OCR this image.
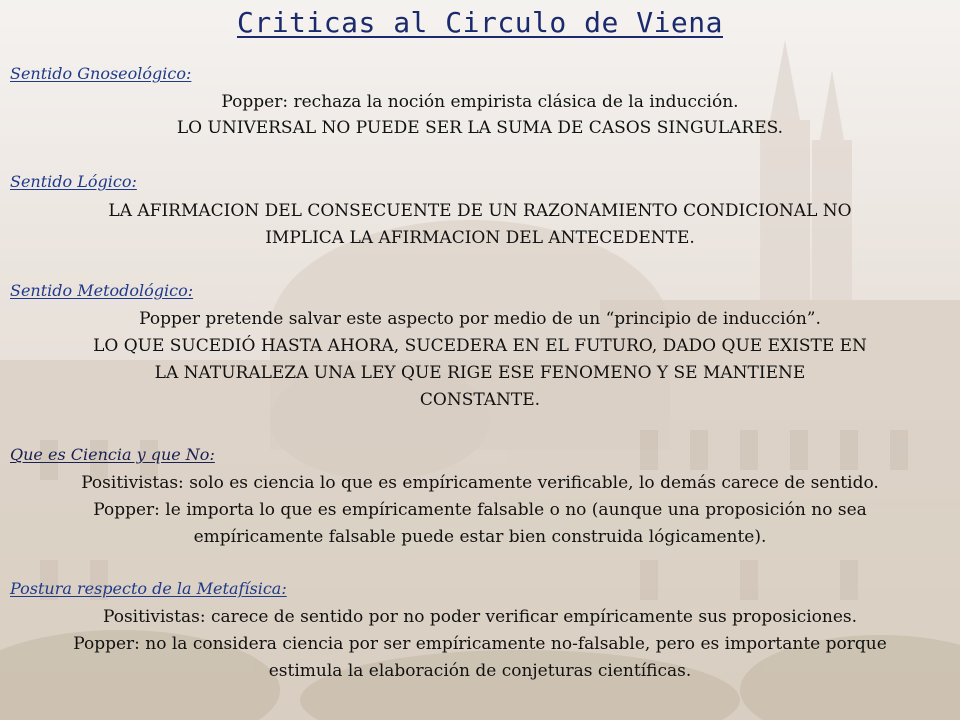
Criticas al Circulo de Viena
Sentido Gnoseológico:
Popper: rechaza la noción empirista clásica de la inducción.
LO UNIVERSAL NO PUEDE SER LA SUMA DE CASOS SINGULARES.
Sentido Lógico:
LA AFIRMACION DEL CONSECUENTE DE UN RAZONAMIENTO CONDICIONAL NO
IMPLICA LA AFIRMACION DEL ANTECEDENTE.
Sentido Metodológico:
Popper pretende salvar este aspecto por medio de un “principio de inducción”.
LO QUE SUCEDIÓ HASTA AHORA, SUCEDERA EN EL FUTURO, DADO QUE EXISTE EN
LA NATURALEZA UNA LEY QUE RIGE ESE FENOMENO Y SE MANTIENE
CONSTANTE.
Que es Ciencia y que No:
Positivistas: solo es ciencia lo que es empíricamente verificable, lo demás carece de sentido.
Popper: le importa lo que es empíricamente falsable o no (aunque una proposición no sea
empíricamente falsable puede estar bien construida lógicamente).
Postura respecto de la Metafísica:
Positivistas: carece de sentido por no poder verificar empíricamente sus proposiciones.
Popper: no la considera ciencia por ser empíricamente no-falsable, pero es importante porque
estimula la elaboración de conjeturas científicas.
